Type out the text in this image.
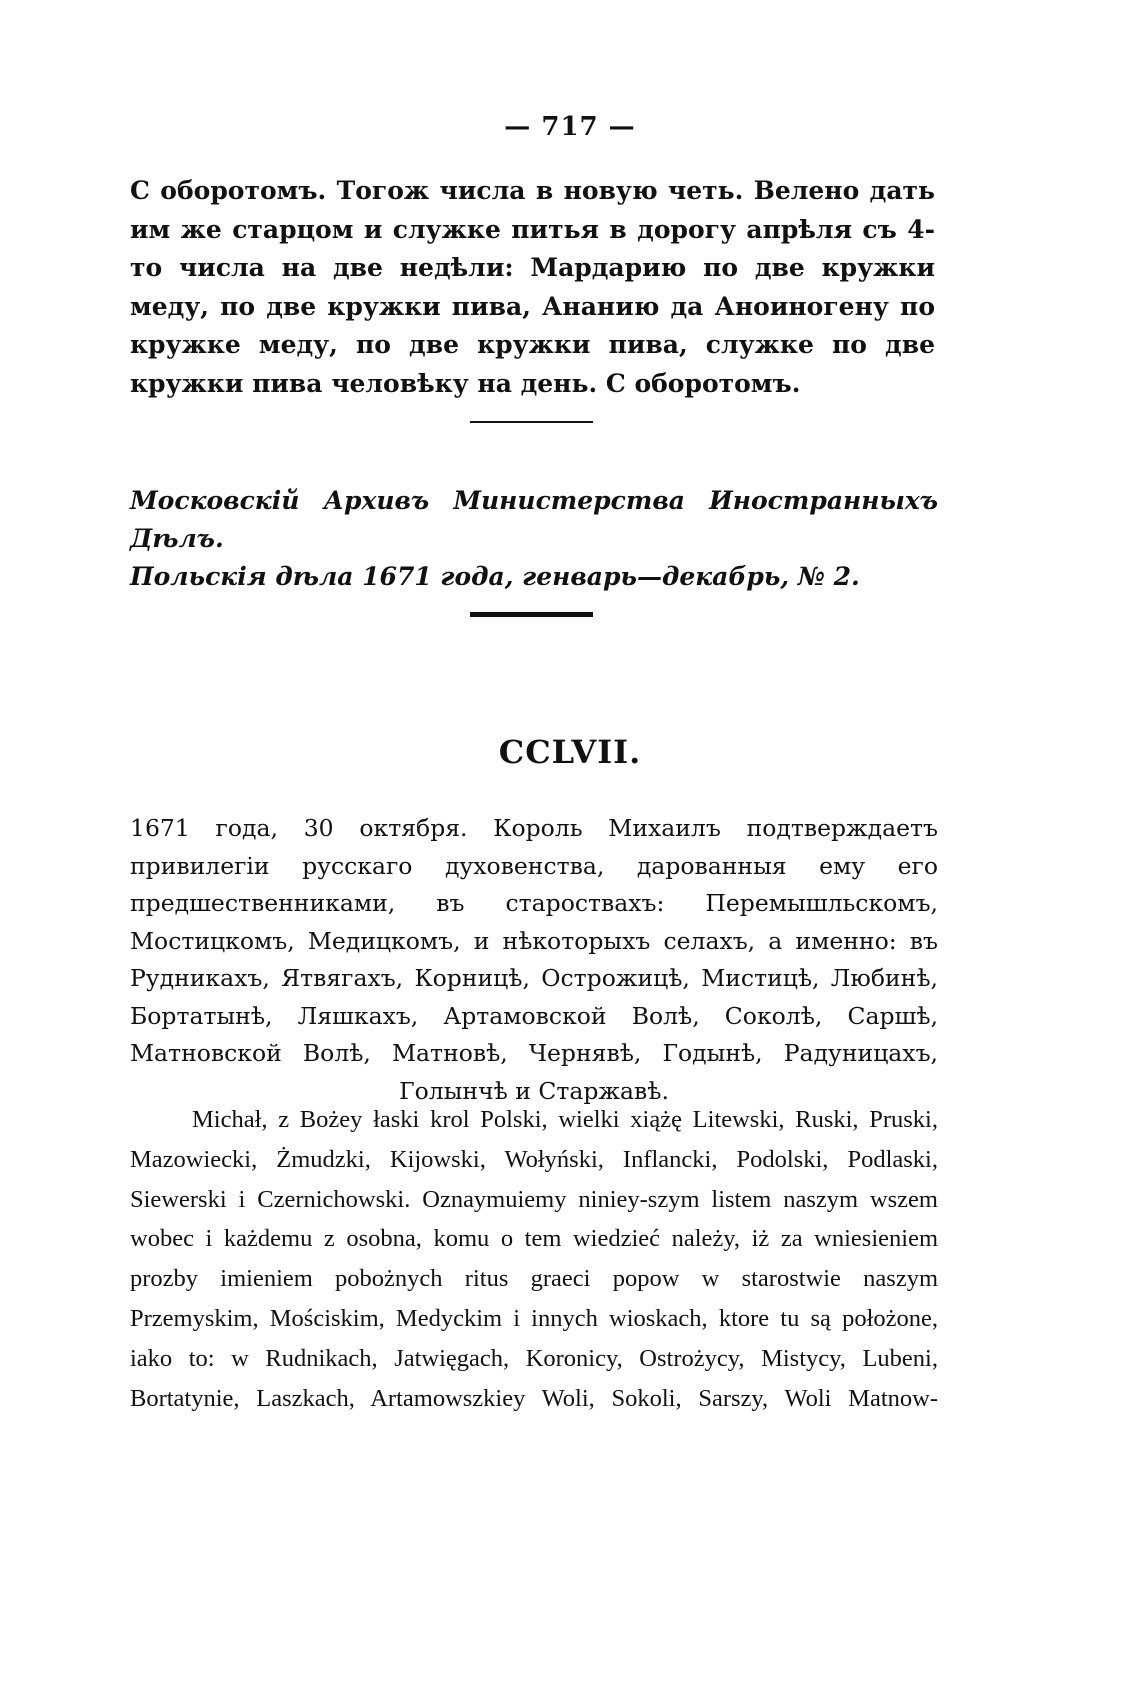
— 717 —
С оборотомъ. Тогож числа в новую четь. Велено дать им же старцом и служке питья в дорогу апрѣля съ 4-то числа на две недѣли: Мардарию по две кружки меду, по две кружки пива, Ананию да Аноиногену по кружке меду, по две кружки пива, служке по две кружки пива человѣку на день. С оборотомъ.
Московскій Архивъ Министерства Иностранныхъ Дѣлъ.
Польскія дѣла 1671 года, генварь—декабрь, № 2.
CCLVII.
1671 года, 30 октября. Король Михаилъ подтверждаетъ привилегіи русскаго духовенства, дарованныя ему его предшественниками, въ староствахъ: Перемышльскомъ, Мостицкомъ, Медицкомъ, и нѣкоторыхъ селахъ, а именно: въ Рудникахъ, Ятвягахъ, Корницѣ, Острожицѣ, Мистицѣ, Любинѣ, Бортатынѣ, Ляшкахъ, Артамовской Волѣ, Соколѣ, Саршѣ, Матновской Волѣ, Матновѣ, Чернявѣ, Годынѣ, Радуницахъ, Голынчѣ и Старжавѣ.
Michał, z Bożey łaski krol Polski, wielki xiążę Litewski, Ruski, Pruski, Mazowiecki, Żmudzki, Kijowski, Wołyński, Inflancki, Podolski, Podlaski, Siewerski i Czernichowski. Oznaymuiemy niniey-szym listem naszym wszem wobec i każdemu z osobna, komu o tem wiedzieć należy, iż za wniesieniem prozby imieniem pobożnych ritus graeci popow w starostwie naszym Przemyskim, Mościskim, Medyckim i innych wioskach, ktore tu są położone, iako to: w Rudnikach, Jatwięgach, Koronicy, Ostrożycy, Mistycy, Lubeni, Bortatynie, Laszkach, Artamowszkiey Woli, Sokoli, Sarszy, Woli Matnow-
